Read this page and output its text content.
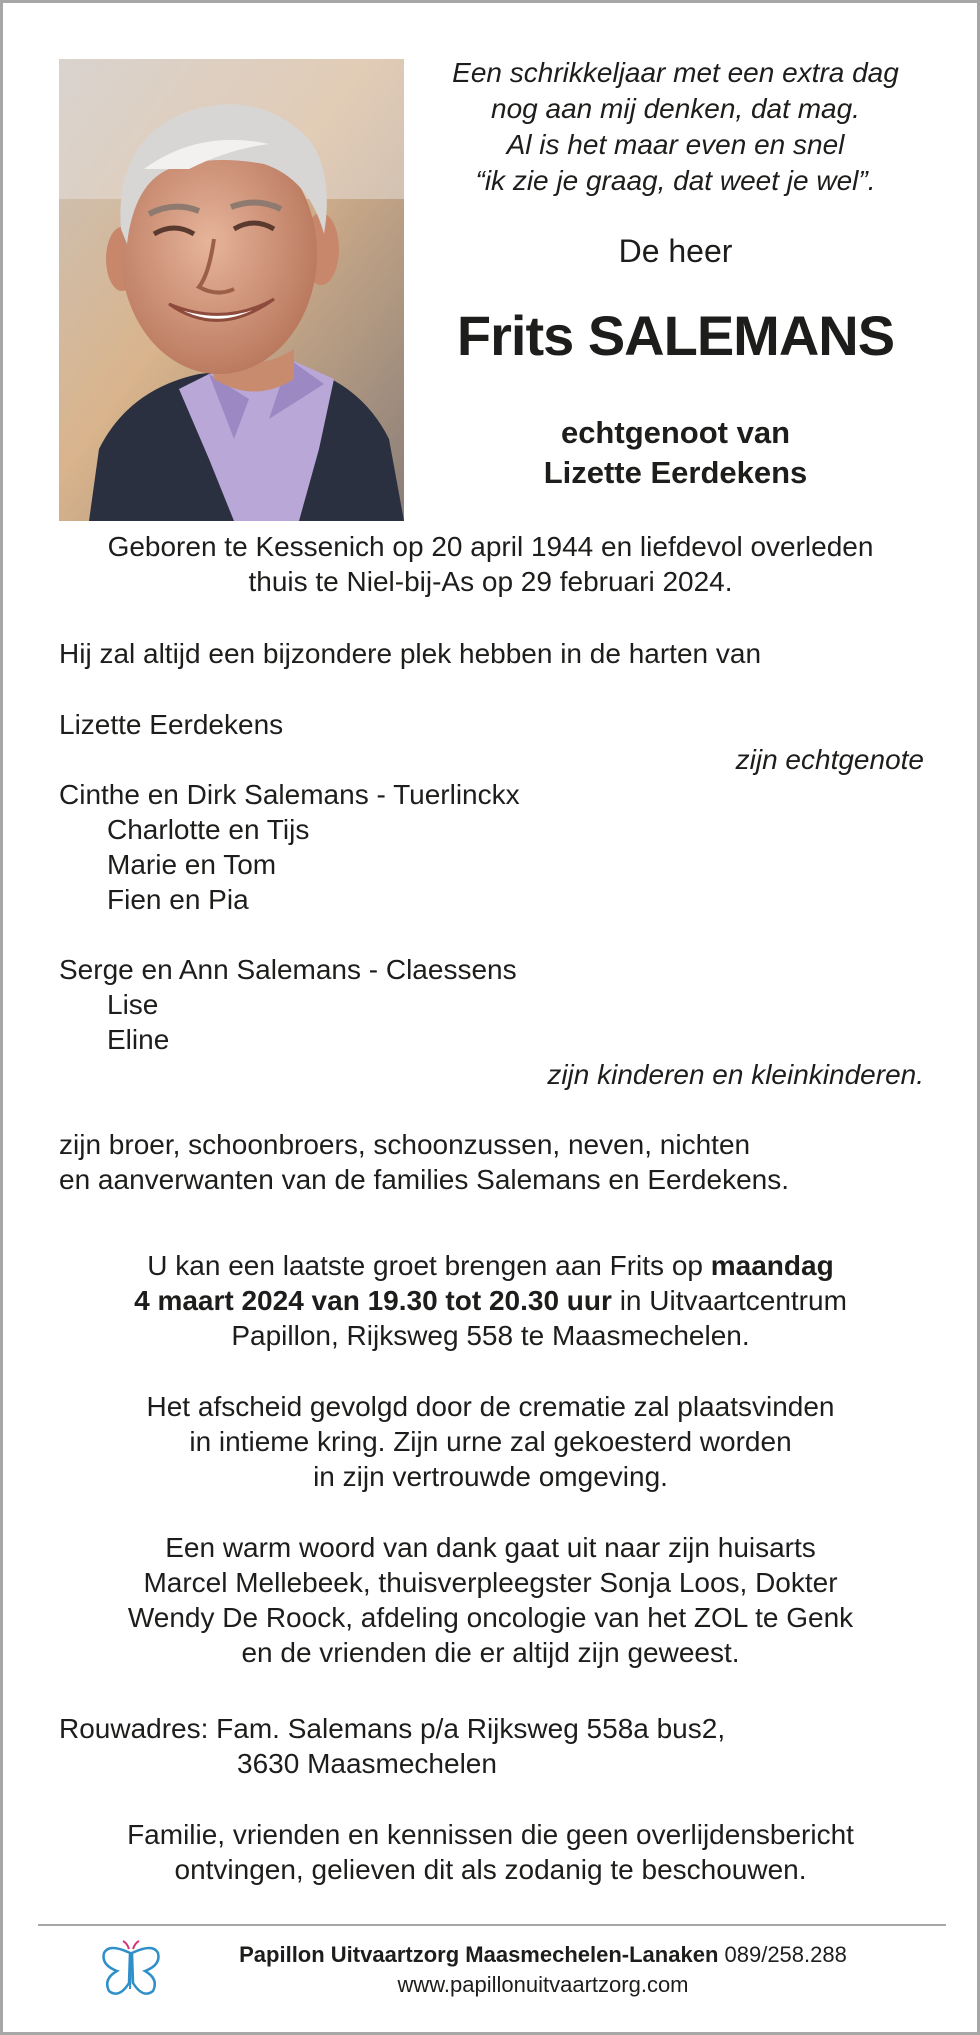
Een schrikkeljaar met een extra dag
nog aan mij denken, dat mag.
Al is het maar even en snel
“ik zie je graag, dat weet je wel”.
De heer
Frits SALEMANS
echtgenoot van
Lizette Eerdekens
Geboren te Kessenich op 20 april 1944 en liefdevol overleden
thuis te Niel-bij-As op 29 februari 2024.
Hij zal altijd een bijzondere plek hebben in de harten van
Lizette Eerdekens
zijn echtgenote
Cinthe en Dirk Salemans - Tuerlinckx
Charlotte en Tijs
Marie en Tom
Fien en Pia
Serge en Ann Salemans - Claessens
Lise
Eline
zijn kinderen en kleinkinderen.
zijn broer, schoonbroers, schoonzussen, neven, nichten
en aanverwanten van de families Salemans en Eerdekens.
U kan een laatste groet brengen aan Frits op maandag
4 maart 2024 van 19.30 tot 20.30 uur in Uitvaartcentrum
Papillon, Rijksweg 558 te Maasmechelen.
Het afscheid gevolgd door de crematie zal plaatsvinden
in intieme kring. Zijn urne zal gekoesterd worden
in zijn vertrouwde omgeving.
Een warm woord van dank gaat uit naar zijn huisarts
Marcel Mellebeek, thuisverpleegster Sonja Loos, Dokter
Wendy De Roock, afdeling oncologie van het ZOL te Genk
en de vrienden die er altijd zijn geweest.
Rouwadres: Fam. Salemans p/a Rijksweg 558a bus2,
3630 Maasmechelen
Familie, vrienden en kennissen die geen overlijdensbericht
ontvingen, gelieven dit als zodanig te beschouwen.
Papillon Uitvaartzorg Maasmechelen-Lanaken 089/258.288
www.papillonuitvaartzorg.com
